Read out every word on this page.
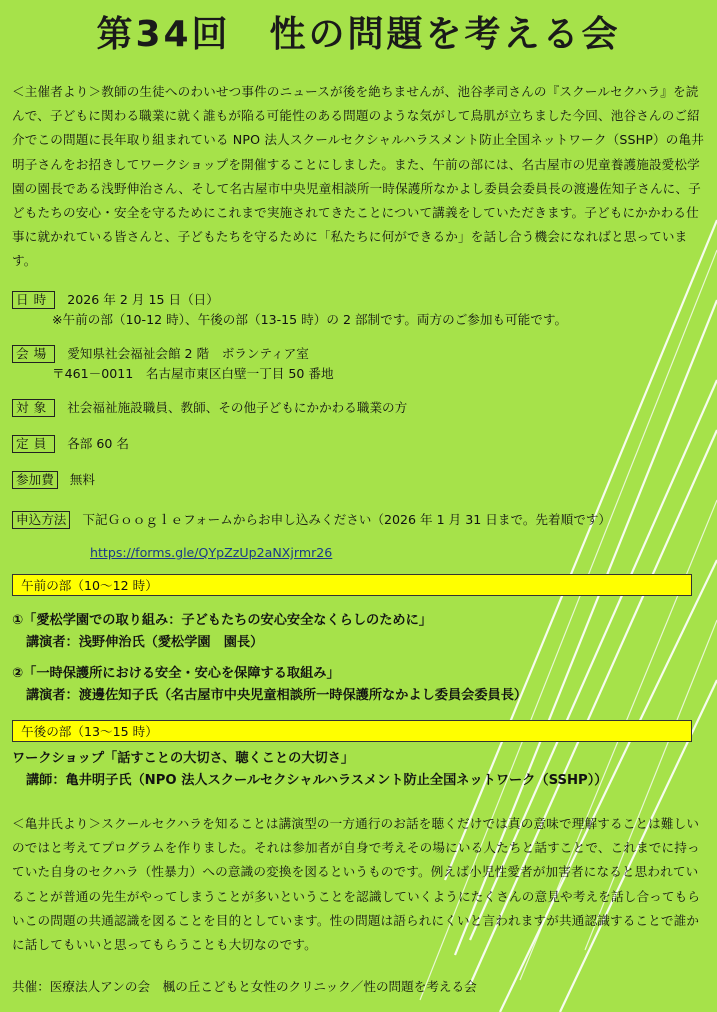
第34回　性の問題を考える会
＜主催者より＞教師の生徒へのわいせつ事件のニュースが後を絶ちませんが、池谷孝司さんの『スクールセクハラ』を読んで、子どもに関わる職業に就く誰もが陥る可能性のある問題のような気がして鳥肌が立ちました今回、池谷さんのご紹介でこの問題に長年取り組まれている NPO 法人スクールセクシャルハラスメント防止全国ネットワーク（SSHP）の亀井明子さんをお招きしてワークショップを開催することにしました。また、午前の部には、名古屋市の児童養護施設愛松学園の園長である浅野伸治さん、そして名古屋市中央児童相談所一時保護所なかよし委員会委員長の渡邊佐知子さんに、子どもたちの安心・安全を守るためにこれまで実施されてきたことについて講義をしていただきます。子どもにかかわる仕事に就かれている皆さんと、子どもたちを守るために「私たちに何ができるか」を話し合う機会になればと思っています。
日時 2026 年 2 月 15 日（日）
※午前の部（10-12 時）、午後の部（13-15 時）の 2 部制です。両方のご参加も可能です。
会場 愛知県社会福祉会館 2 階　ボランティア室
〒461－0011　名古屋市東区白壁一丁目 50 番地
対象 社会福祉施設職員、教師、その他子どもにかかわる職業の方
定員 各部 60 名
参加費 無料
申込方法 下記Ｇｏｏｇｌｅフォームからお申し込みください（2026 年 1 月 31 日まで。先着順です）
https://forms.gle/QYpZzUp2aNXjrmr26
午前の部（10～12 時）
①「愛松学園での取り組み：子どもたちの安心安全なくらしのために」
講演者：浅野伸治氏（愛松学園　園長）
②「一時保護所における安全・安心を保障する取組み」
講演者：渡邊佐知子氏（名古屋市中央児童相談所一時保護所なかよし委員会委員長）
午後の部（13～15 時）
ワークショップ「話すことの大切さ、聴くことの大切さ」
講師：亀井明子氏（NPO 法人スクールセクシャルハラスメント防止全国ネットワーク（SSHP））
＜亀井氏より＞スクールセクハラを知ることは講演型の一方通行のお話を聴くだけでは真の意味で理解することは難しいのではと考えてプログラムを作りました。それは参加者が自身で考えその場にいる人たちと話すことで、これまでに持っていた自身のセクハラ（性暴力）への意識の変換を図るというものです。例えば小児性愛者が加害者になると思われていることが普通の先生がやってしまうことが多いということを認識していくようにたくさんの意見や考えを話し合ってもらいこの問題の共通認識を図ることを目的としています。性の問題は語られにくいと言われますが共通認識することで誰かに話してもいいと思ってもらうことも大切なのです。
共催：医療法人アンの会　楓の丘こどもと女性のクリニック／性の問題を考える会
